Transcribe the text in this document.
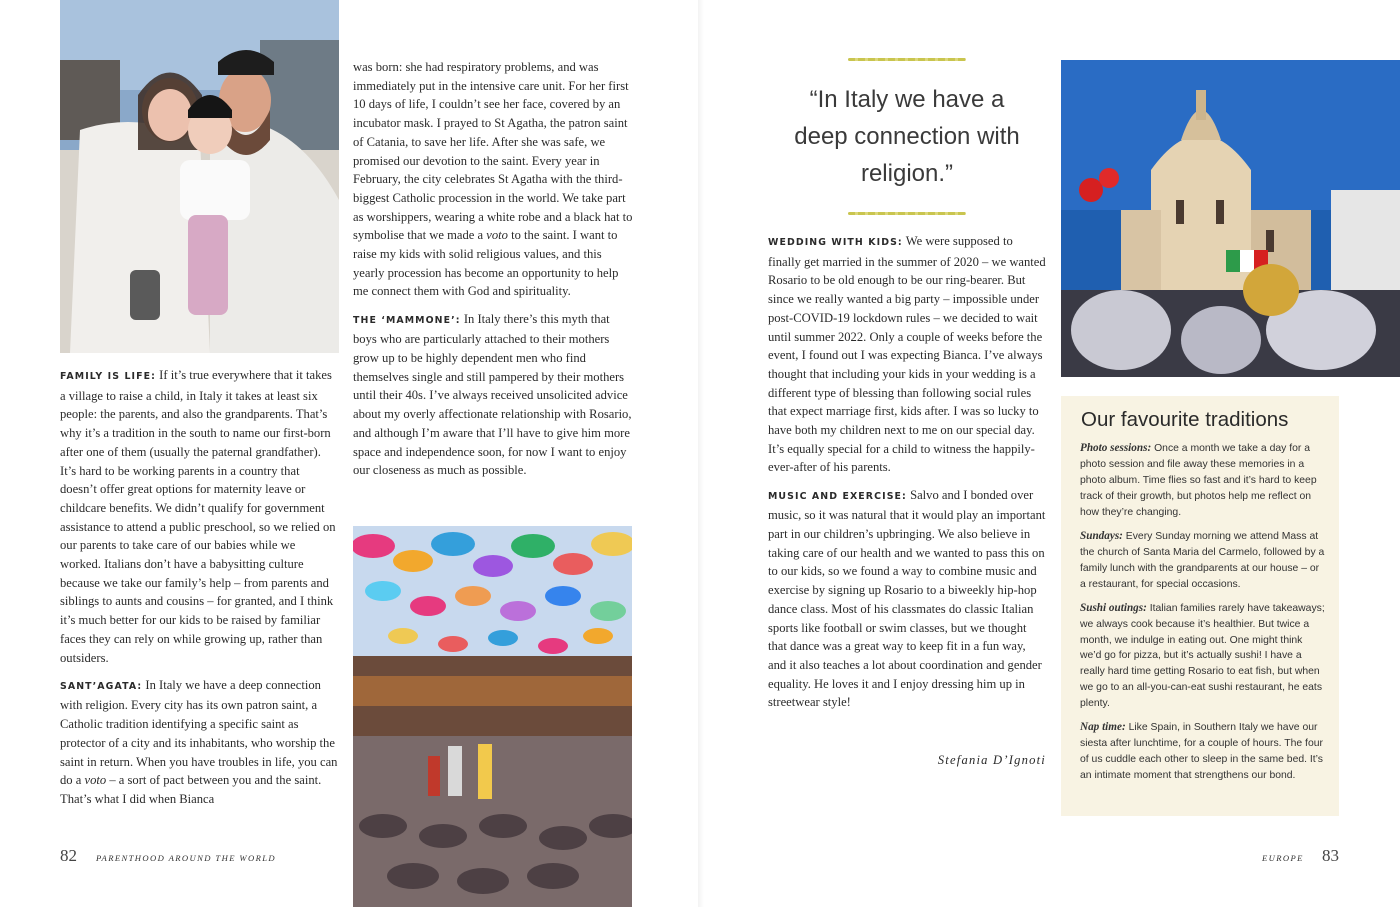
FAMILY IS LIFE: If it’s true everywhere that it takes a village to raise a child, in Italy it takes at least six people: the parents, and also the grandparents. That’s why it’s a tradition in the south to name our first-born after one of them (usually the paternal grandfather). It’s hard to be working parents in a country that doesn’t offer great options for maternity leave or childcare benefits. We didn’t qualify for government assistance to attend a public preschool, so we relied on our parents to take care of our babies while we worked. Italians don’t have a babysitting culture because we take our family’s help – from parents and siblings to aunts and cousins – for granted, and I think it’s much better for our kids to be raised by familiar faces they can rely on while growing up, rather than outsiders.

SANT’AGATA: In Italy we have a deep connection with religion. Every city has its own patron saint, a Catholic tradition identifying a specific saint as protector of a city and its inhabitants, who worship the saint in return. When you have troubles in life, you can do a voto – a sort of pact between you and the saint. That’s what I did when Bianca

was born: she had respiratory problems, and was immediately put in the intensive care unit. For her first 10 days of life, I couldn’t see her face, covered by an incubator mask. I prayed to St Agatha, the patron saint of Catania, to save her life. After she was safe, we promised our devotion to the saint. Every year in February, the city celebrates St Agatha with the third-biggest Catholic procession in the world. We take part as worshippers, wearing a white robe and a black hat to symbolise that we made a voto to the saint. I want to raise my kids with solid religious values, and this yearly procession has become an opportunity to help me connect them with God and spirituality.

THE ‘MAMMONE’: In Italy there’s this myth that boys who are particularly attached to their mothers grow up to be highly dependent men who find themselves single and still pampered by their mothers until their 40s. I’ve always received unsolicited advice about my overly affectionate relationship with Rosario, and although I’m aware that I’ll have to give him more space and independence soon, for now I want to enjoy our closeness as much as possible.

82 PARENTHOOD AROUND THE WORLD
“In Italy we have a deep connection with religion.”

WEDDING WITH KIDS: We were supposed to finally get married in the summer of 2020 – we wanted Rosario to be old enough to be our ring-bearer. But since we really wanted a big party – impossible under post-COVID-19 lockdown rules – we decided to wait until summer 2022. Only a couple of weeks before the event, I found out I was expecting Bianca. I’ve always thought that including your kids in your wedding is a different type of blessing than following social rules that expect marriage first, kids after. I was so lucky to have both my children next to me on our special day. It’s equally special for a child to witness the happily-ever-after of his parents.

MUSIC AND EXERCISE: Salvo and I bonded over music, so it was natural that it would play an important part in our children’s upbringing. We also believe in taking care of our health and we wanted to pass this on to our kids, so we found a way to combine music and exercise by signing up Rosario to a biweekly hip-hop dance class. Most of his classmates do classic Italian sports like football or swim classes, but we thought that dance was a great way to keep fit in a fun way, and it also teaches a lot about coordination and gender equality. He loves it and I enjoy dressing him up in streetwear style!

Stefania D’Ignoti
Our favourite traditions

Photo sessions: Once a month we take a day for a photo session and file away these memories in a photo album. Time flies so fast and it’s hard to keep track of their growth, but photos help me reflect on how they’re changing.

Sundays: Every Sunday morning we attend Mass at the church of Santa Maria del Carmelo, followed by a family lunch with the grandparents at our house – or a restaurant, for special occasions.

Sushi outings: Italian families rarely have takeaways; we always cook because it’s healthier. But twice a month, we indulge in eating out. One might think we’d go for pizza, but it’s actually sushi! I have a really hard time getting Rosario to eat fish, but when we go to an all-you-can-eat sushi restaurant, he eats plenty.

Nap time: Like Spain, in Southern Italy we have our siesta after lunchtime, for a couple of hours. The four of us cuddle each other to sleep in the same bed. It’s an intimate moment that strengthens our bond.

EUROPE 83
